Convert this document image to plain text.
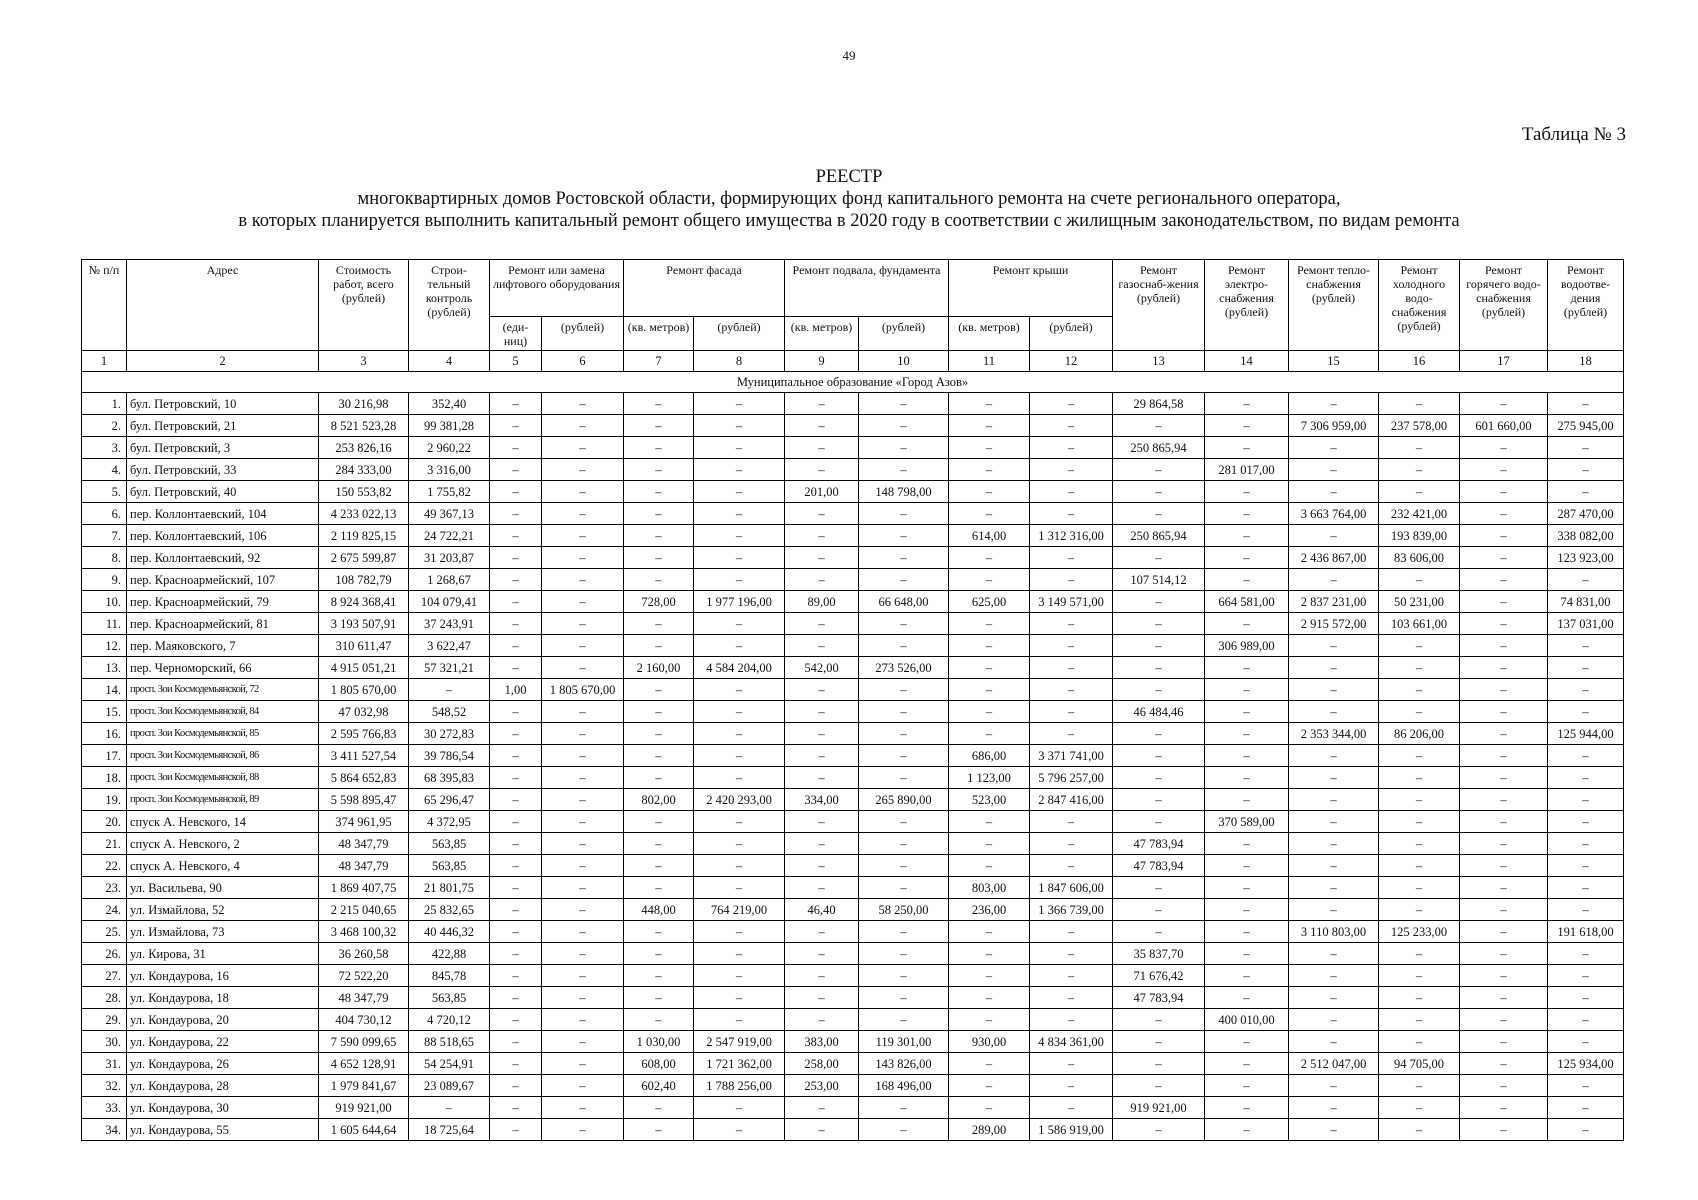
49
Таблица № 3
РЕЕСТР
многоквартирных домов Ростовской области, формирующих фонд капитального ремонта на счете регионального оператора,
в которых планируется выполнить капитальный ремонт общего имущества в 2020 году в соответствии с жилищным законодательством, по видам ремонта
№ п/п	Адрес	Стоимость работ, всего (рублей)	Строи-тельный контроль (рублей)	Ремонт или замена лифтового оборудования		Ремонт фасада		Ремонт подвала, фундамента		Ремонт крыши		Ремонт газоснаб-жения (рублей)	Ремонт электро-снабжения (рублей)	Ремонт тепло-снабжения (рублей)	Ремонт холодного водо-снабжения (рублей)	Ремонт горячего водо-снабжения (рублей)	Ремонт водоотве-дения (рублей)
				(еди-ниц)	(рублей)	(кв. метров)	(рублей)	(кв. метров)	(рублей)	(кв. метров)	(рублей)						
1	2	3	4	5	6	7	8	9	10	11	12	13	14	15	16	17	18
Муниципальное образование «Город Азов»																	
1.	бул. Петровский, 10	30 216,98	352,40	–	–	–	–	–	–	–	–	29 864,58	–	–	–	–	–
2.	бул. Петровский, 21	8 521 523,28	99 381,28	–	–	–	–	–	–	–	–	–	–	7 306 959,00	237 578,00	601 660,00	275 945,00
3.	бул. Петровский, 3	253 826,16	2 960,22	–	–	–	–	–	–	–	–	250 865,94	–	–	–	–	–
4.	бул. Петровский, 33	284 333,00	3 316,00	–	–	–	–	–	–	–	–	–	281 017,00	–	–	–	–
5.	бул. Петровский, 40	150 553,82	1 755,82	–	–	–	–	201,00	148 798,00	–	–	–	–	–	–	–	–
6.	пер. Коллонтаевский, 104	4 233 022,13	49 367,13	–	–	–	–	–	–	–	–	–	–	3 663 764,00	232 421,00	–	287 470,00
7.	пер. Коллонтаевский, 106	2 119 825,15	24 722,21	–	–	–	–	–	–	614,00	1 312 316,00	250 865,94	–	–	193 839,00	–	338 082,00
8.	пер. Коллонтаевский, 92	2 675 599,87	31 203,87	–	–	–	–	–	–	–	–	–	–	2 436 867,00	83 606,00	–	123 923,00
9.	пер. Красноармейский, 107	108 782,79	1 268,67	–	–	–	–	–	–	–	–	107 514,12	–	–	–	–	–
10.	пер. Красноармейский, 79	8 924 368,41	104 079,41	–	–	728,00	1 977 196,00	89,00	66 648,00	625,00	3 149 571,00	–	664 581,00	2 837 231,00	50 231,00	–	74 831,00
11.	пер. Красноармейский, 81	3 193 507,91	37 243,91	–	–	–	–	–	–	–	–	–	–	2 915 572,00	103 661,00	–	137 031,00
12.	пер. Маяковского, 7	310 611,47	3 622,47	–	–	–	–	–	–	–	–	–	306 989,00	–	–	–	–
13.	пер. Черноморский, 66	4 915 051,21	57 321,21	–	–	2 160,00	4 584 204,00	542,00	273 526,00	–	–	–	–	–	–	–	–
14.	просп. Зои Космодемьянской, 72	1 805 670,00	–	1,00	1 805 670,00	–	–	–	–	–	–	–	–	–	–	–	–
15.	просп. Зои Космодемьянской, 84	47 032,98	548,52	–	–	–	–	–	–	–	–	46 484,46	–	–	–	–	–
16.	просп. Зои Космодемьянской, 85	2 595 766,83	30 272,83	–	–	–	–	–	–	–	–	–	–	2 353 344,00	86 206,00	–	125 944,00
17.	просп. Зои Космодемьянской, 86	3 411 527,54	39 786,54	–	–	–	–	–	–	686,00	3 371 741,00	–	–	–	–	–	–
18.	просп. Зои Космодемьянской, 88	5 864 652,83	68 395,83	–	–	–	–	–	–	1 123,00	5 796 257,00	–	–	–	–	–	–
19.	просп. Зои Космодемьянской, 89	5 598 895,47	65 296,47	–	–	802,00	2 420 293,00	334,00	265 890,00	523,00	2 847 416,00	–	–	–	–	–	–
20.	спуск А. Невского, 14	374 961,95	4 372,95	–	–	–	–	–	–	–	–	–	370 589,00	–	–	–	–
21.	спуск А. Невского, 2	48 347,79	563,85	–	–	–	–	–	–	–	–	47 783,94	–	–	–	–	–
22.	спуск А. Невского, 4	48 347,79	563,85	–	–	–	–	–	–	–	–	47 783,94	–	–	–	–	–
23.	ул. Васильева, 90	1 869 407,75	21 801,75	–	–	–	–	–	–	803,00	1 847 606,00	–	–	–	–	–	–
24.	ул. Измайлова, 52	2 215 040,65	25 832,65	–	–	448,00	764 219,00	46,40	58 250,00	236,00	1 366 739,00	–	–	–	–	–	–
25.	ул. Измайлова, 73	3 468 100,32	40 446,32	–	–	–	–	–	–	–	–	–	–	3 110 803,00	125 233,00	–	191 618,00
26.	ул. Кирова, 31	36 260,58	422,88	–	–	–	–	–	–	–	–	35 837,70	–	–	–	–	–
27.	ул. Кондаурова, 16	72 522,20	845,78	–	–	–	–	–	–	–	–	71 676,42	–	–	–	–	–
28.	ул. Кондаурова, 18	48 347,79	563,85	–	–	–	–	–	–	–	–	47 783,94	–	–	–	–	–
29.	ул. Кондаурова, 20	404 730,12	4 720,12	–	–	–	–	–	–	–	–	–	400 010,00	–	–	–	–
30.	ул. Кондаурова, 22	7 590 099,65	88 518,65	–	–	1 030,00	2 547 919,00	383,00	119 301,00	930,00	4 834 361,00	–	–	–	–	–	–
31.	ул. Кондаурова, 26	4 652 128,91	54 254,91	–	–	608,00	1 721 362,00	258,00	143 826,00	–	–	–	–	2 512 047,00	94 705,00	–	125 934,00
32.	ул. Кондаурова, 28	1 979 841,67	23 089,67	–	–	602,40	1 788 256,00	253,00	168 496,00	–	–	–	–	–	–	–	–
33.	ул. Кондаурова, 30	919 921,00	–	–	–	–	–	–	–	–	–	919 921,00	–	–	–	–	–
34.	ул. Кондаурова, 55	1 605 644,64	18 725,64	–	–	–	–	–	–	289,00	1 586 919,00	–	–	–	–	–	–
